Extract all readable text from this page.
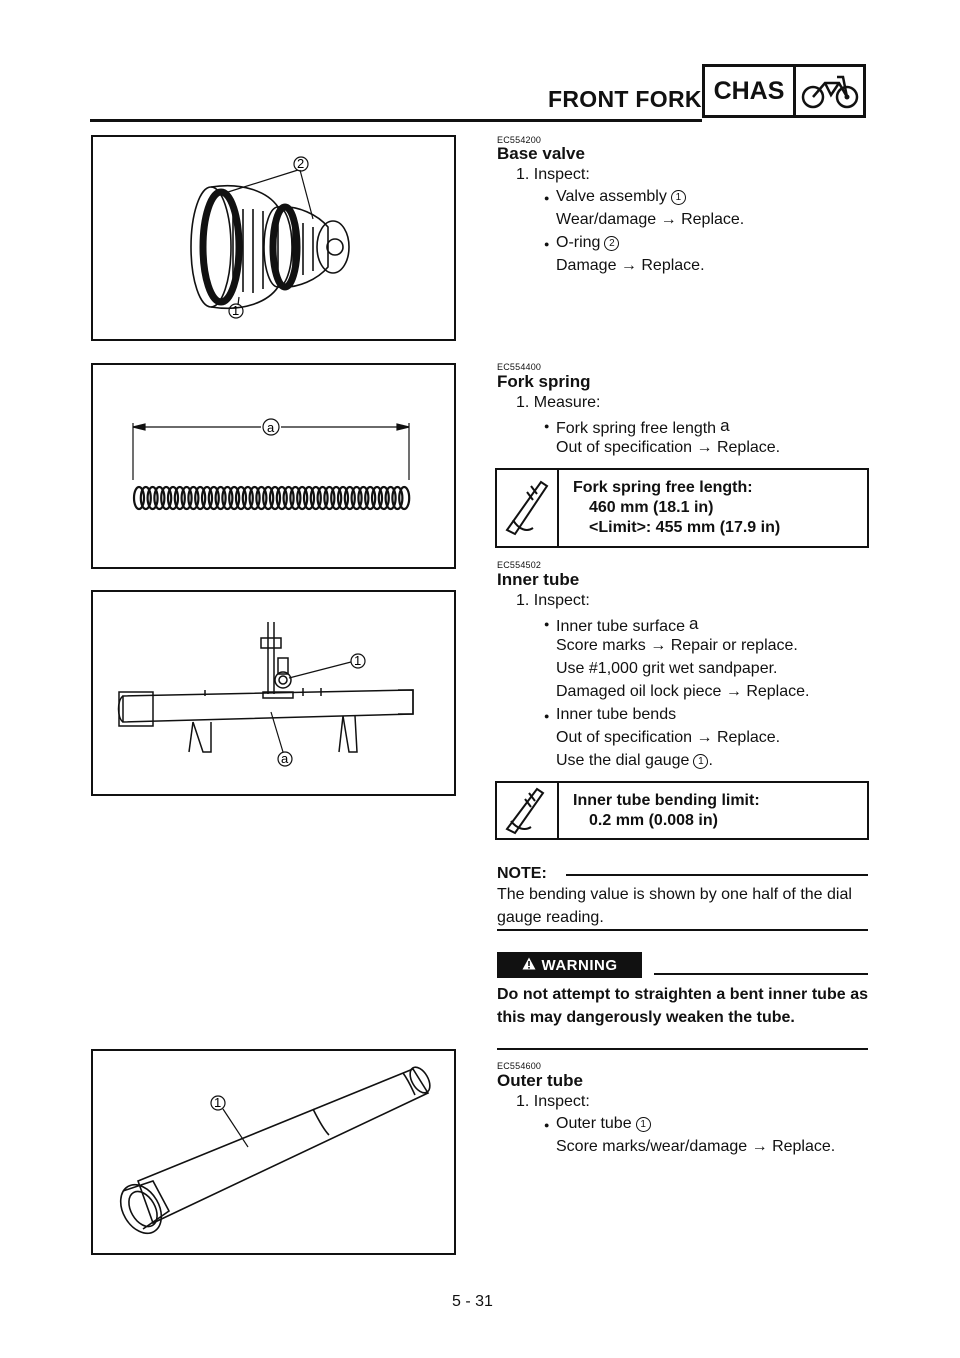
FRONT FORK CHAS
2
1
EC554200
Base valve
1. Inspect:
● Valve assembly 1
Wear/damage → Replace.
● O-ring 2
Damage → Replace.
a
EC554400
Fork spring
1. Measure:
● Fork spring free length a
Out of specification → Replace.
Fork spring free length:
460 mm (18.1 in)
<Limit>: 455 mm (17.9 in)
1
a
EC554502
Inner tube
1. Inspect:
● Inner tube surface a
Score marks → Repair or replace.
Use #1,000 grit wet sandpaper.
Damaged oil lock piece → Replace.
● Inner tube bends
Out of specification → Replace.
Use the dial gauge 1 .
Inner tube bending limit:
0.2 mm (0.008 in)
NOTE:
The bending value is shown by one half of the dial gauge reading.
WARNING
Do not attempt to straighten a bent inner tube as this may dangerously weaken the tube.
1
EC554600
Outer tube
1. Inspect:
● Outer tube 1
Score marks/wear/damage → Replace.
5 - 31
